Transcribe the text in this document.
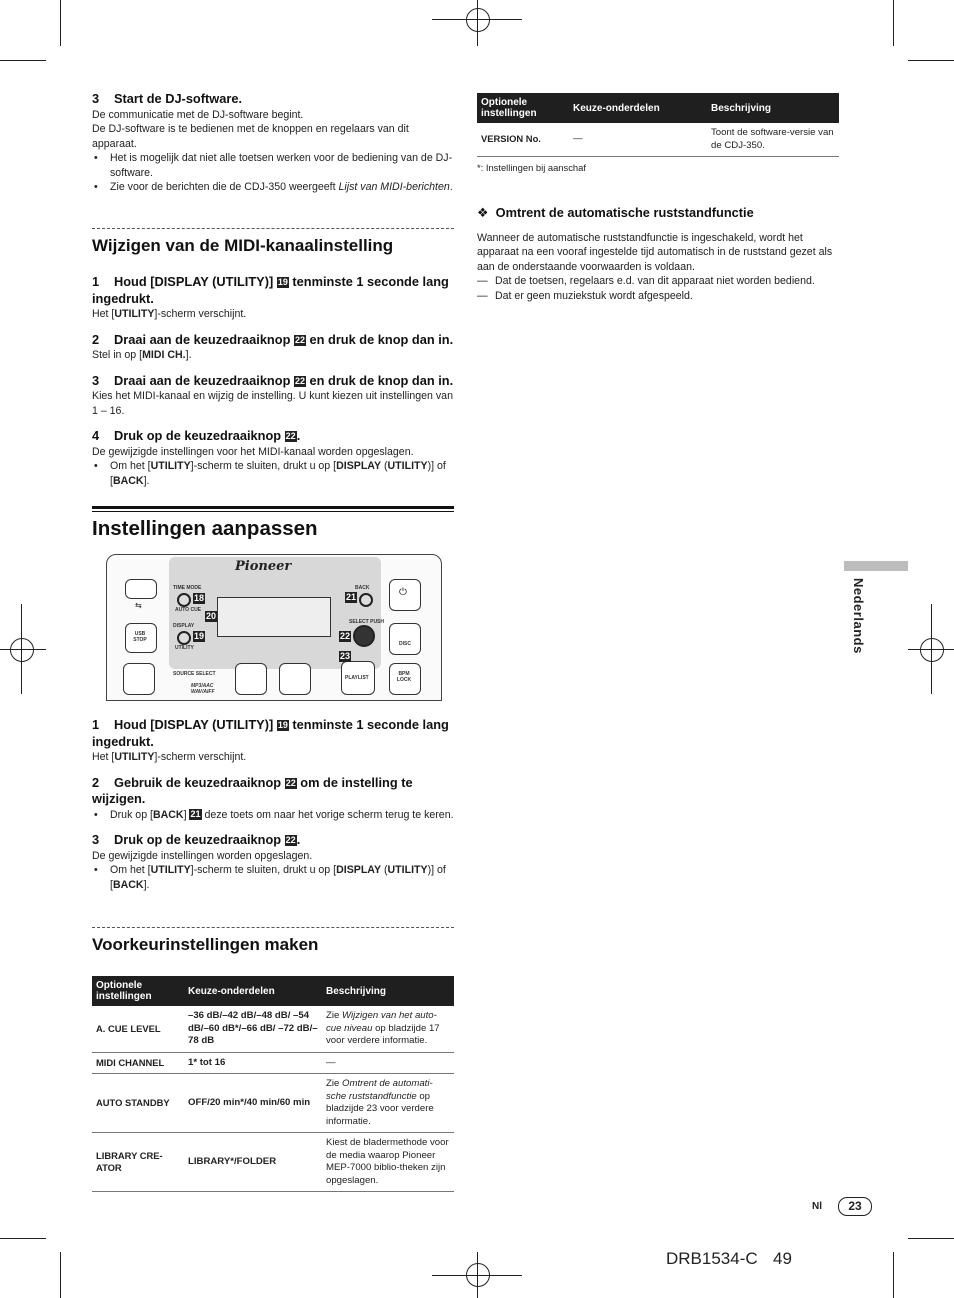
3 Start de DJ-software.

De communicatie met de DJ-software begint.

De DJ-software is te bedienen met de knoppen en regelaars van dit apparaat.

• Het is mogelijk dat niet alle toetsen werken voor de bediening van de DJ-software.

• Zie voor de berichten die de CDJ-350 weergeeft Lijst van MIDI-berichten.

Wijzigen van de MIDI-kanaalinstelling

1 Houd [DISPLAY (UTILITY)] 19 tenminste 1 seconde lang ingedrukt.

Het [UTILITY]-scherm verschijnt.

2 Draai aan de keuzedraaiknop 22 en druk de knop dan in.

Stel in op [MIDI CH.].

3 Draai aan de keuzedraaiknop 22 en druk de knop dan in.

Kies het MIDI-kanaal en wijzig de instelling. U kunt kiezen uit instellingen van 1 – 16.

4 Druk op de keuzedraaiknop 22.

De gewijzigde instellingen voor het MIDI-kanaal worden opgeslagen.

• Om het [UTILITY]-scherm te sluiten, drukt u op [DISPLAY (UTILITY)] of [BACK].

Instellingen aanpassen

Pioneer
⇆
USB STOP
TIME MODE
AUTO CUE
DISPLAY
UTILITY
BACK
SELECT PUSH
SOURCE SELECT
MP3/AAC WAV/AIFF
PLAYLIST
⏻
DISC
BPM LOCK
18
19
20
21
22
23

1 Houd [DISPLAY (UTILITY)] 19 tenminste 1 seconde lang ingedrukt.

Het [UTILITY]-scherm verschijnt.

2 Gebruik de keuzedraaiknop 22 om de instelling te wijzigen.

• Druk op [BACK] 21 deze toets om naar het vorige scherm terug te keren.

3 Druk op de keuzedraaiknop 22.

De gewijzigde instellingen worden opgeslagen.

• Om het [UTILITY]-scherm te sluiten, drukt u op [DISPLAY (UTILITY)] of [BACK].

Voorkeurinstellingen maken

Optionele instellingen	Keuze-onderdelen	Beschrijving
A. CUE LEVEL	–36 dB/–42 dB/–48 dB/ –54 dB/–60 dB*/–66 dB/ –72 dB/–78 dB	Zie Wijzigen van het auto-cue niveau op bladzijde 17 voor verdere informatie.
MIDI CHANNEL	1* tot 16	—
AUTO STANDBY	OFF/20 min*/40 min/60 min	Zie Omtrent de automati-sche ruststandfunctie op bladzijde 23 voor verdere informatie.
LIBRARY CRE-ATOR	LIBRARY*/FOLDER	Kiest de bladermethode voor de media waarop Pioneer MEP-7000 biblio-theken zijn opgeslagen.
Optionele instellingen	Keuze-onderdelen	Beschrijving
VERSION No.	—	Toont de software-versie van de CDJ-350.

*: Instellingen bij aanschaf

❖ Omtrent de automatische ruststandfunctie

Wanneer de automatische ruststandfunctie is ingeschakeld, wordt het apparaat na een vooraf ingestelde tijd automatisch in de ruststand gezet als aan de onderstaande voorwaarden is voldaan.

— Dat de toetsen, regelaars e.d. van dit apparaat niet worden bediend.

— Dat er geen muziekstuk wordt afgespeeld.

Nederlands
Nl	23
DRB1534-C 49
